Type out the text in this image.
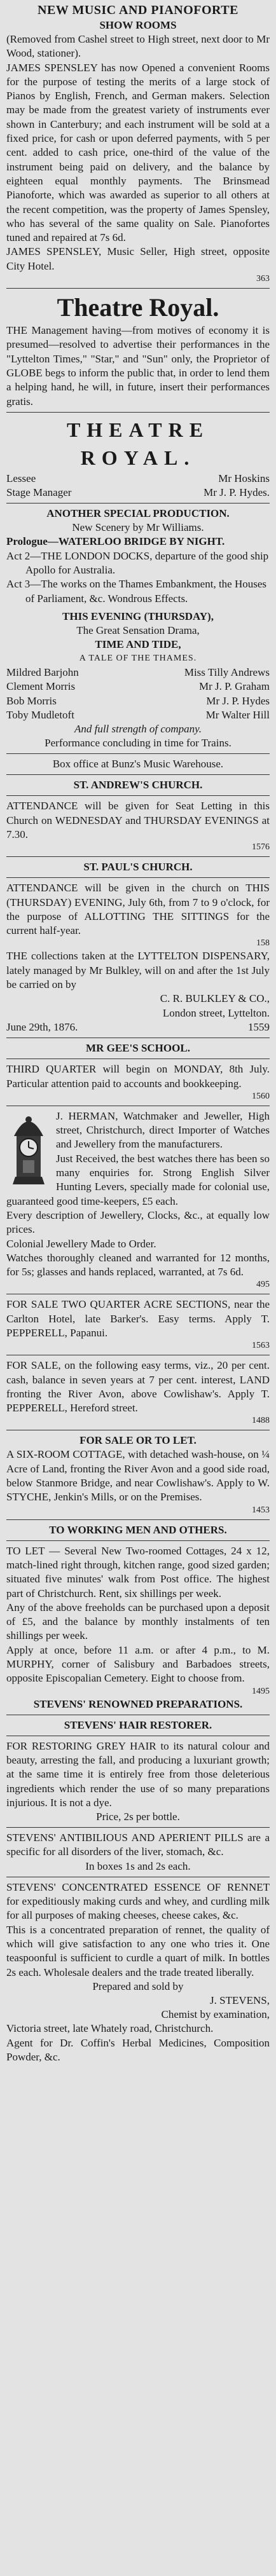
NEW MUSIC AND PIANOFORTE
SHOW ROOMS

(Removed from Cashel street to High street, next door to Mr Wood, stationer).

JAMES SPENSLEY has now Opened a convenient Rooms for the purpose of testing the merits of a large stock of Pianos by English, French, and German makers. Selection may be made from the greatest variety of instruments ever shown in Canterbury; and each instrument will be sold at a fixed price, for cash or upon deferred payments, with 5 per cent. added to cash price, one-third of the value of the instrument being paid on delivery, and the balance by eighteen equal monthly payments. The Brinsmead Pianoforte, which was awarded as superior to all others at the recent competition, was the property of James Spensley, who has several of the same quality on Sale. Pianofortes tuned and repaired at 7s 6d.

JAMES SPENSLEY, Music Seller, High street, opposite City Hotel.

363
Theatre Royal.

THE Management having—from motives of economy it is presumed—resolved to advertise their performances in the "Lyttelton Times," "Star," and "Sun" only, the Proprietor of GLOBE begs to inform the public that, in order to lend them a helping hand, he will, in future, insert their performances gratis.

THEATRE ROYAL.
Lessee	Mr Hoskins
Stage Manager	Mr J. P. Hydes.
ANOTHER SPECIAL PRODUCTION.
New Scenery by Mr Williams.

Prologue—WATERLOO BRIDGE BY NIGHT.

Act 2—THE LONDON DOCKS, departure of the good ship Apollo for Australia.
Act 3—The works on the Thames Embankment, the Houses of Parliament, &c. Wondrous Effects.
THIS EVENING (THURSDAY),
The Great Sensation Drama,
TIME AND TIDE,
A TALE OF THE THAMES.
Mildred Barjohn	Miss Tilly Andrews
Clement Morris	Mr J. P. Graham
Bob Morris	Mr J. P. Hydes
Toby Mudletoft	Mr Walter Hill
And full strength of company.
Performance concluding in time for Trains.
Box office at Bunz's Music Warehouse.
ST. ANDREW'S CHURCH.

ATTENDANCE will be given for Seat Letting in this Church on WEDNESDAY and THURSDAY EVENINGS at 7.30.

1576
ST. PAUL'S CHURCH.

ATTENDANCE will be given in the church on THIS (THURSDAY) EVENING, July 6th, from 7 to 9 o'clock, for the purpose of ALLOTTING THE SITTINGS for the current half-year.

158

THE collections taken at the LYTTELTON DISPENSARY, lately managed by Mr Bulkley, will on and after the 1st July be carried on by

C. R. BULKLEY & CO.,
London street, Lyttelton.
June 29th, 1876.	1559
MR GEE'S SCHOOL.

THIRD QUARTER will begin on MONDAY, 8th July. Particular attention paid to accounts and bookkeeping.

1560

J. HERMAN, Watchmaker and Jeweller, High street, Christchurch, direct Importer of Watches and Jewellery from the manufacturers.

Just Received, the best watches there has been so many enquiries for. Strong English Silver Hunting Levers, specially made for colonial use, guaranteed good time-keepers, £5 each.

Every description of Jewellery, Clocks, &c., at equally low prices.

Colonial Jewellery Made to Order.

Watches thoroughly cleaned and warranted for 12 months, for 5s; glasses and hands replaced, warranted, at 7s 6d.

495

FOR SALE TWO QUARTER ACRE SECTIONS, near the Carlton Hotel, late Barker's. Easy terms. Apply T. PEPPERELL, Papanui.

1563

FOR SALE, on the following easy terms, viz., 20 per cent. cash, balance in seven years at 7 per cent. interest, LAND fronting the River Avon, above Cowlishaw's. Apply T. PEPPERELL, Hereford street.

1488
FOR SALE OR TO LET.

A SIX-ROOM COTTAGE, with detached wash-house, on ¼ Acre of Land, fronting the River Avon and a good side road, below Stanmore Bridge, and near Cowlishaw's. Apply to W. STYCHE, Jenkin's Mills, or on the Premises.

1453
TO WORKING MEN AND OTHERS.

TO LET — Several New Two-roomed Cottages, 24 x 12, match-lined right through, kitchen range, good sized garden; situated five minutes' walk from Post office. The highest part of Christchurch. Rent, six shillings per week.

Any of the above freeholds can be purchased upon a deposit of £5, and the balance by monthly instalments of ten shillings per week.

Apply at once, before 11 a.m. or after 4 p.m., to M. MURPHY, corner of Salisbury and Barbadoes streets, opposite Episcopalian Cemetery. Eight to choose from.

1495
STEVENS' RENOWNED PREPARATIONS.
STEVENS' HAIR RESTORER.

FOR RESTORING GREY HAIR to its natural colour and beauty, arresting the fall, and producing a luxuriant growth; at the same time it is entirely free from those deleterious ingredients which render the use of so many preparations injurious. It is not a dye.

Price, 2s per bottle.

STEVENS' ANTIBILIOUS AND APERIENT PILLS are a specific for all disorders of the liver, stomach, &c.

In boxes 1s and 2s each.

STEVENS' CONCENTRATED ESSENCE OF RENNET for expeditiously making curds and whey, and curdling milk for all purposes of making cheeses, cheese cakes, &c.

This is a concentrated preparation of rennet, the quality of which will give satisfaction to any one who tries it. One teaspoonful is sufficient to curdle a quart of milk. In bottles 2s each. Wholesale dealers and the trade treated liberally.

Prepared and sold by
J. STEVENS,
Chemist by examination,

Victoria street, late Whately road, Christchurch.

Agent for Dr. Coffin's Herbal Medicines, Composition Powder, &c.
